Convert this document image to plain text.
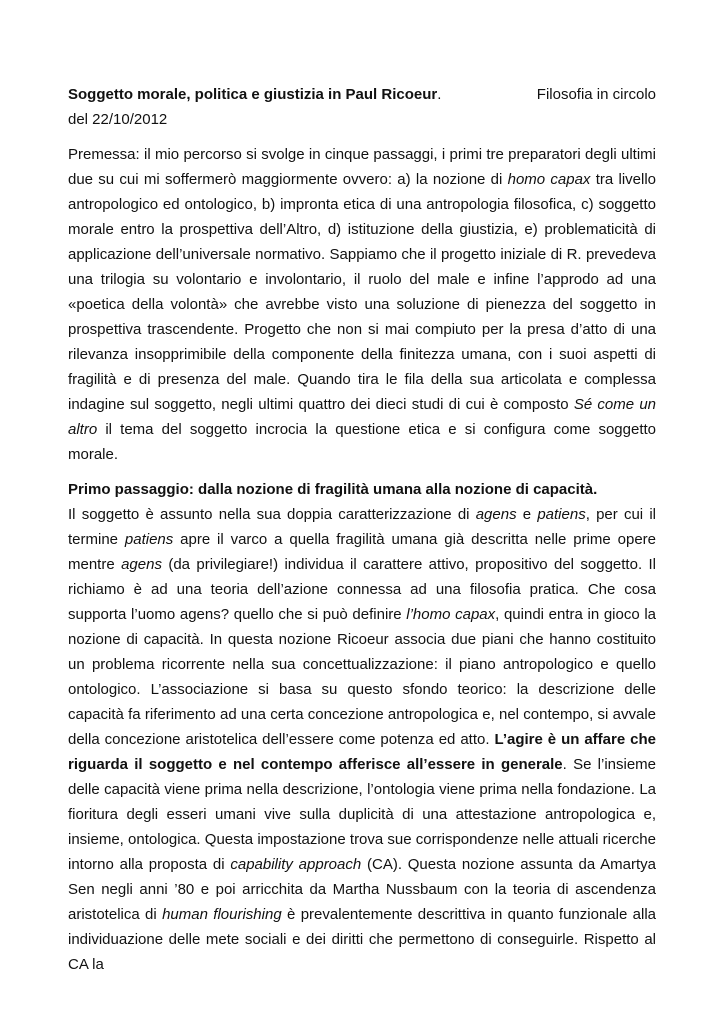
Soggetto morale, politica e giustizia in Paul Ricoeur.	Filosofia in circolo
del 22/10/2012

Premessa: il mio percorso si svolge in cinque passaggi, i primi tre preparatori degli ultimi due su cui mi soffermerò maggiormente ovvero: a) la nozione di homo capax tra livello antropologico ed ontologico, b) impronta etica di una antropologia filosofica, c) soggetto morale entro la prospettiva dell’Altro, d) istituzione della giustizia, e) problematicità di applicazione dell’universale normativo. Sappiamo che il progetto iniziale di R. prevedeva una trilogia su volontario e involontario, il ruolo del male e infine l’approdo ad una «poetica della volontà» che avrebbe visto una soluzione di pienezza del soggetto in prospettiva trascendente. Progetto che non si mai compiuto per la presa d’atto di una rilevanza insopprimibile della componente della finitezza umana, con i suoi aspetti di fragilità e di presenza del male. Quando tira le fila della sua articolata e complessa indagine sul soggetto, negli ultimi quattro dei dieci studi di cui è composto Sé come un altro il tema del soggetto incrocia la questione etica e si configura come soggetto morale.

Primo passaggio: dalla nozione di fragilità umana alla nozione di capacità.

Il soggetto è assunto nella sua doppia caratterizzazione di agens e patiens, per cui il termine patiens apre il varco a quella fragilità umana già descritta nelle prime opere mentre agens (da privilegiare!) individua il carattere attivo, propositivo del soggetto. Il richiamo è ad una teoria dell’azione connessa ad una filosofia pratica. Che cosa supporta l’uomo agens? quello che si può definire l’homo capax, quindi entra in gioco la nozione di capacità. In questa nozione Ricoeur associa due piani che hanno costituito un problema ricorrente nella sua concettualizzazione: il piano antropologico e quello ontologico. L’associazione si basa su questo sfondo teorico: la descrizione delle capacità fa riferimento ad una certa concezione antropologica e, nel contempo, si avvale della concezione aristotelica dell’essere come potenza ed atto. L’agire è un affare che riguarda il soggetto e nel contempo afferisce all’essere in generale. Se l’insieme delle capacità viene prima nella descrizione, l’ontologia viene prima nella fondazione. La fioritura degli esseri umani vive sulla duplicità di una attestazione antropologica e, insieme, ontologica. Questa impostazione trova sue corrispondenze nelle attuali ricerche intorno alla proposta di capability approach (CA). Questa nozione assunta da Amartya Sen negli anni ’80 e poi arricchita da Martha Nussbaum con la teoria di ascendenza aristotelica di human flourishing è prevalentemente descrittiva in quanto funzionale alla individuazione delle mete sociali e dei diritti che permettono di conseguirle. Rispetto al CA la
